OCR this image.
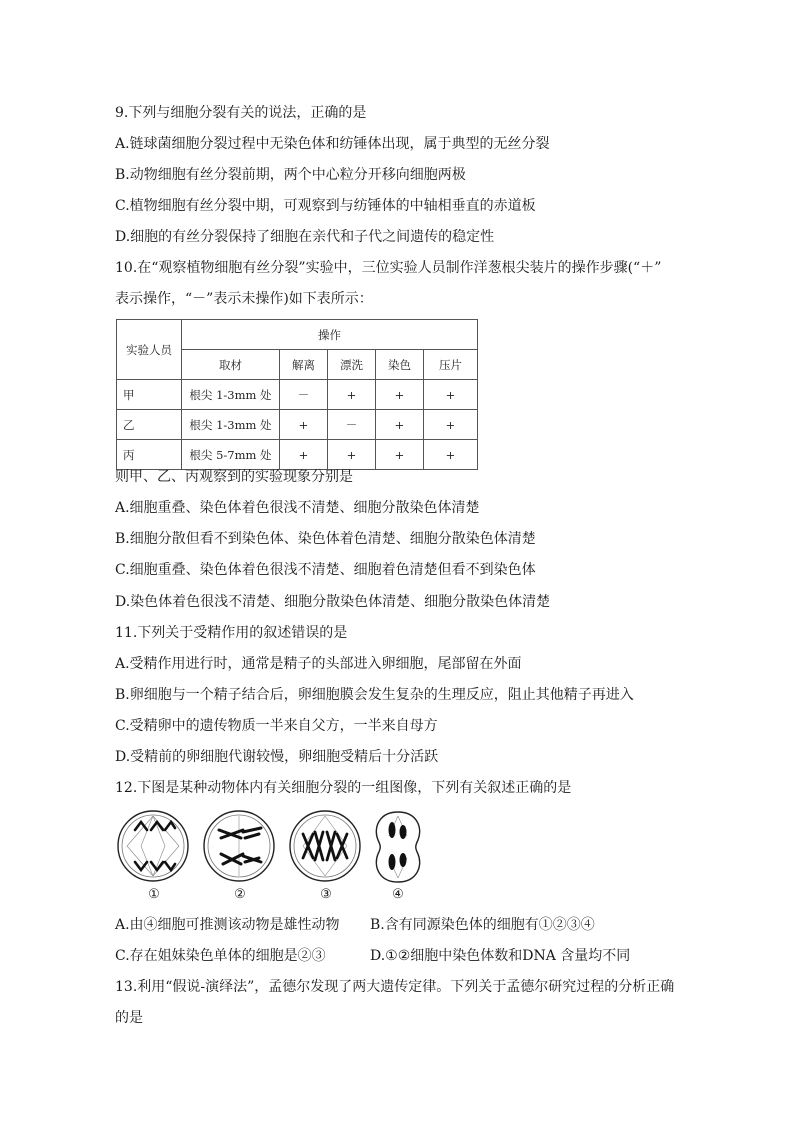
9.下列与细胞分裂有关的说法，正确的是
A.链球菌细胞分裂过程中无染色体和纺锤体出现，属于典型的无丝分裂
B.动物细胞有丝分裂前期，两个中心粒分开移向细胞两极
C.植物细胞有丝分裂中期，可观察到与纺锤体的中轴相垂直的赤道板
D.细胞的有丝分裂保持了细胞在亲代和子代之间遗传的稳定性
10.在“观察植物细胞有丝分裂”实验中，三位实验人员制作洋葱根尖装片的操作步骤(“＋”
表示操作，“－”表示未操作)如下表所示：
实验人员	操作				
	取材	解离	漂洗	染色	压片
甲	根尖 1-3mm 处	－	+	+	+
乙	根尖 1-3mm 处	+	－	+	+
丙	根尖 5-7mm 处	+	+	+	+
则甲、乙、丙观察到的实验现象分别是
A.细胞重叠、染色体着色很浅不清楚、细胞分散染色体清楚
B.细胞分散但看不到染色体、染色体着色清楚、细胞分散染色体清楚
C.细胞重叠、染色体着色很浅不清楚、细胞着色清楚但看不到染色体
D.染色体着色很浅不清楚、细胞分散染色体清楚、细胞分散染色体清楚
11.下列关于受精作用的叙述错误的是
A.受精作用进行时，通常是精子的头部进入卵细胞，尾部留在外面
B.卵细胞与一个精子结合后，卵细胞膜会发生复杂的生理反应，阻止其他精子再进入
C.受精卵中的遗传物质一半来自父方，一半来自母方
D.受精前的卵细胞代谢较慢，卵细胞受精后十分活跃
12.下图是某种动物体内有关细胞分裂的一组图像，下列有关叙述正确的是
①	②	③	④
A.由④细胞可推测该动物是雄性动物 B.含有同源染色体的细胞有①②③④
C.存在姐妹染色单体的细胞是②③	D.①②细胞中染色体数和DNA 含量均不同
13.利用“假说-演绎法”，孟德尔发现了两大遗传定律。下列关于孟德尔研究过程的分析正确
的是
